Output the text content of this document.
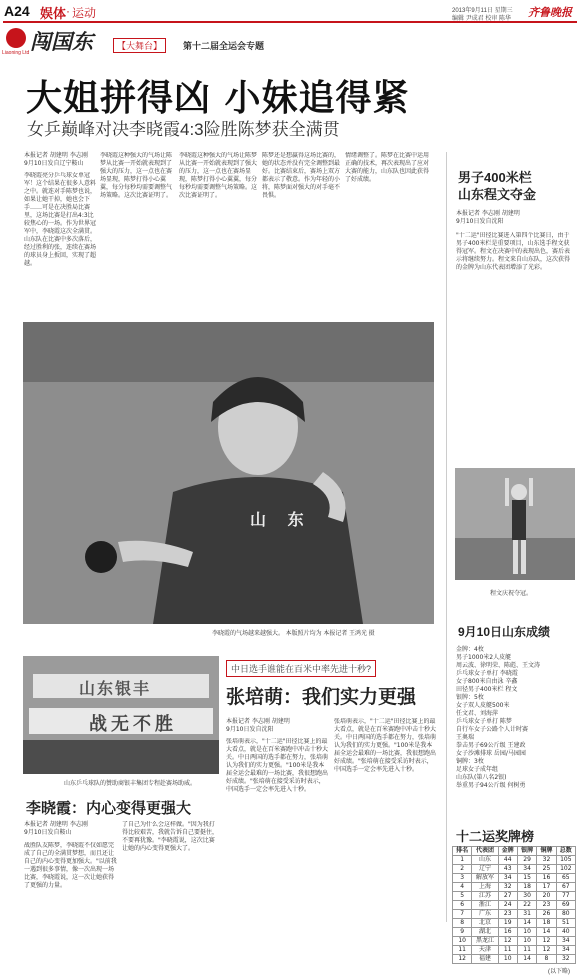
A24 娱体 · 运动	2013年9月11日 星期三
编辑 尹成君 校审 陈华 齐鲁晚报
Liaoning Ltd 闯国东	【大舞台】	第十二届全运会专题
大姐拼得凶 小妹追得紧
女乒巅峰对决李晓霞4:3险胜陈梦获全满贯
本报记者 胡建明 李志刚
9月10日发自辽宁鞍山
李晓霞亮分乒乓球女单冠军！这个结果在很多人意料之中。就连对手陈梦也说，如果让她干掉，她也会下手……可是在决胜局比赛里，这场比赛是打出4:3比较焦心的一场。作为世界冠军中，李晓霞这次全满贯。山东队在比赛中多次落后，经过胜利的张，连续在赛场的球员身上扳回，实现了超越。
李晓霞这种强大的气场让陈梦从比赛一开始就表现到了强大的压力，这一点也在赛场显现，陈梦打得小心翼翼，每分每秒均需要调整气场策略。这次比赛证明了。
李晓霞这种强大的气场让陈梦从比赛一开始就表现到了强大的压力，这一点也在赛场显现，陈梦打得小心翼翼，每分每秒均需要调整气场策略。这次比赛证明了。
陈梦还是想赢得这场比赛的，她的状态并没有完全调整到最好。比赛结束后，赛场上双方都表示了敬意。作为年轻的小将，陈梦面对强大的对手毫不畏惧。
情绪调整了。陈梦在比赛中运用正确的技术，再次表现出了应对大赛的能力，山东队也因此获得了好成绩。
山 东
李晓霞的气场越来越强大。 本版照片均为 本报记者 王鸿光 摄
男子400米栏
山东程文夺金
本报记者 李志刚 胡建明
9月10日发自沈阳
"十二运"田径比赛进入第四个比赛日，由于男子400米栏是重要项目，山东选手程文获得冠军。程文在决赛中的表现出色，赛后表示将继续努力。程文来自山东队，这次获得的金牌为山东代表团增添了光彩。
程文庆祝夺冠。
9月10日山东成绩
金牌：4枚
男子1000米2人皮艇
周云波、徐明荣、陈彪、王文涛
乒乓球女子单打 李晓霞
女子800米自由泳 辛鑫
田径男子400米栏 程文
银牌：5枚
女子双人皮艇500米
任文君、刘海萍
乒乓球女子单打 陈梦
自行车女子公路个人计时赛
王奥瑞
拳击男子69公斤级 王建政
女子沙滩排球 岳园/马园园
铜牌：3枚
足球女子成年组
山东队(第八名2银)
举重男子94公斤级 何树勇
中日选手谁能在百米中率先进十秒?
张培萌：我们实力更强
本报记者 李志刚 胡建明
9月10日发自沈阳
张培萌表示，"十二运"田径比赛上的最大看点，就是在百米赛跑中冲击十秒大关。中日两国的选手都在努力，张培萌认为我们的实力更强。"100米是我本届全运会最难的一场比赛，我很想跑出好成绩。"张培萌在接受采访时表示，中国选手一定会率先进入十秒。
张培萌表示，"十二运"田径比赛上的最大看点，就是在百米赛跑中冲击十秒大关。中日两国的选手都在努力，张培萌认为我们的实力更强。"100米是我本届全运会最难的一场比赛，我很想跑出好成绩。"张培萌在接受采访时表示，中国选手一定会率先进入十秒。
山东银丰
战无不胜
山东乒乓球队的赞助商银丰集团专程赴赛场助威。
李晓霞：内心变得更强大
本报记者 胡建明 李志刚
9月10日发自鞍山
战胜队友陈梦，李晓霞不仅如愿完成了自己的全满贯梦想，而且还让自己的内心变得更加强大。"以前我一遇到很多事情，像一次出现一场比赛，李晓霞说，这一次让她获得了更强的力量。
了自己为什么会这样做。"因为我打得比较艰苦，我就告诉自己要挺住，不要再犹豫。"李晓霞说，这次比赛让她的内心变得更强大了。
十二运奖牌榜
排名	代表团	金牌	银牌	铜牌	总数
1	山东	44	29	32	105
2	辽宁	43	34	25	102
3	解放军	34	15	16	65
4	上海	32	18	17	67
5	江苏	27	30	20	77
6	浙江	24	22	23	69
7	广东	23	31	26	80
8	北京	19	14	18	51
9	湖北	16	10	14	40
10	黑龙江	12	10	12	34
11	天津	11	11	12	34
12	福建	10	14	8	32
(以下略)
